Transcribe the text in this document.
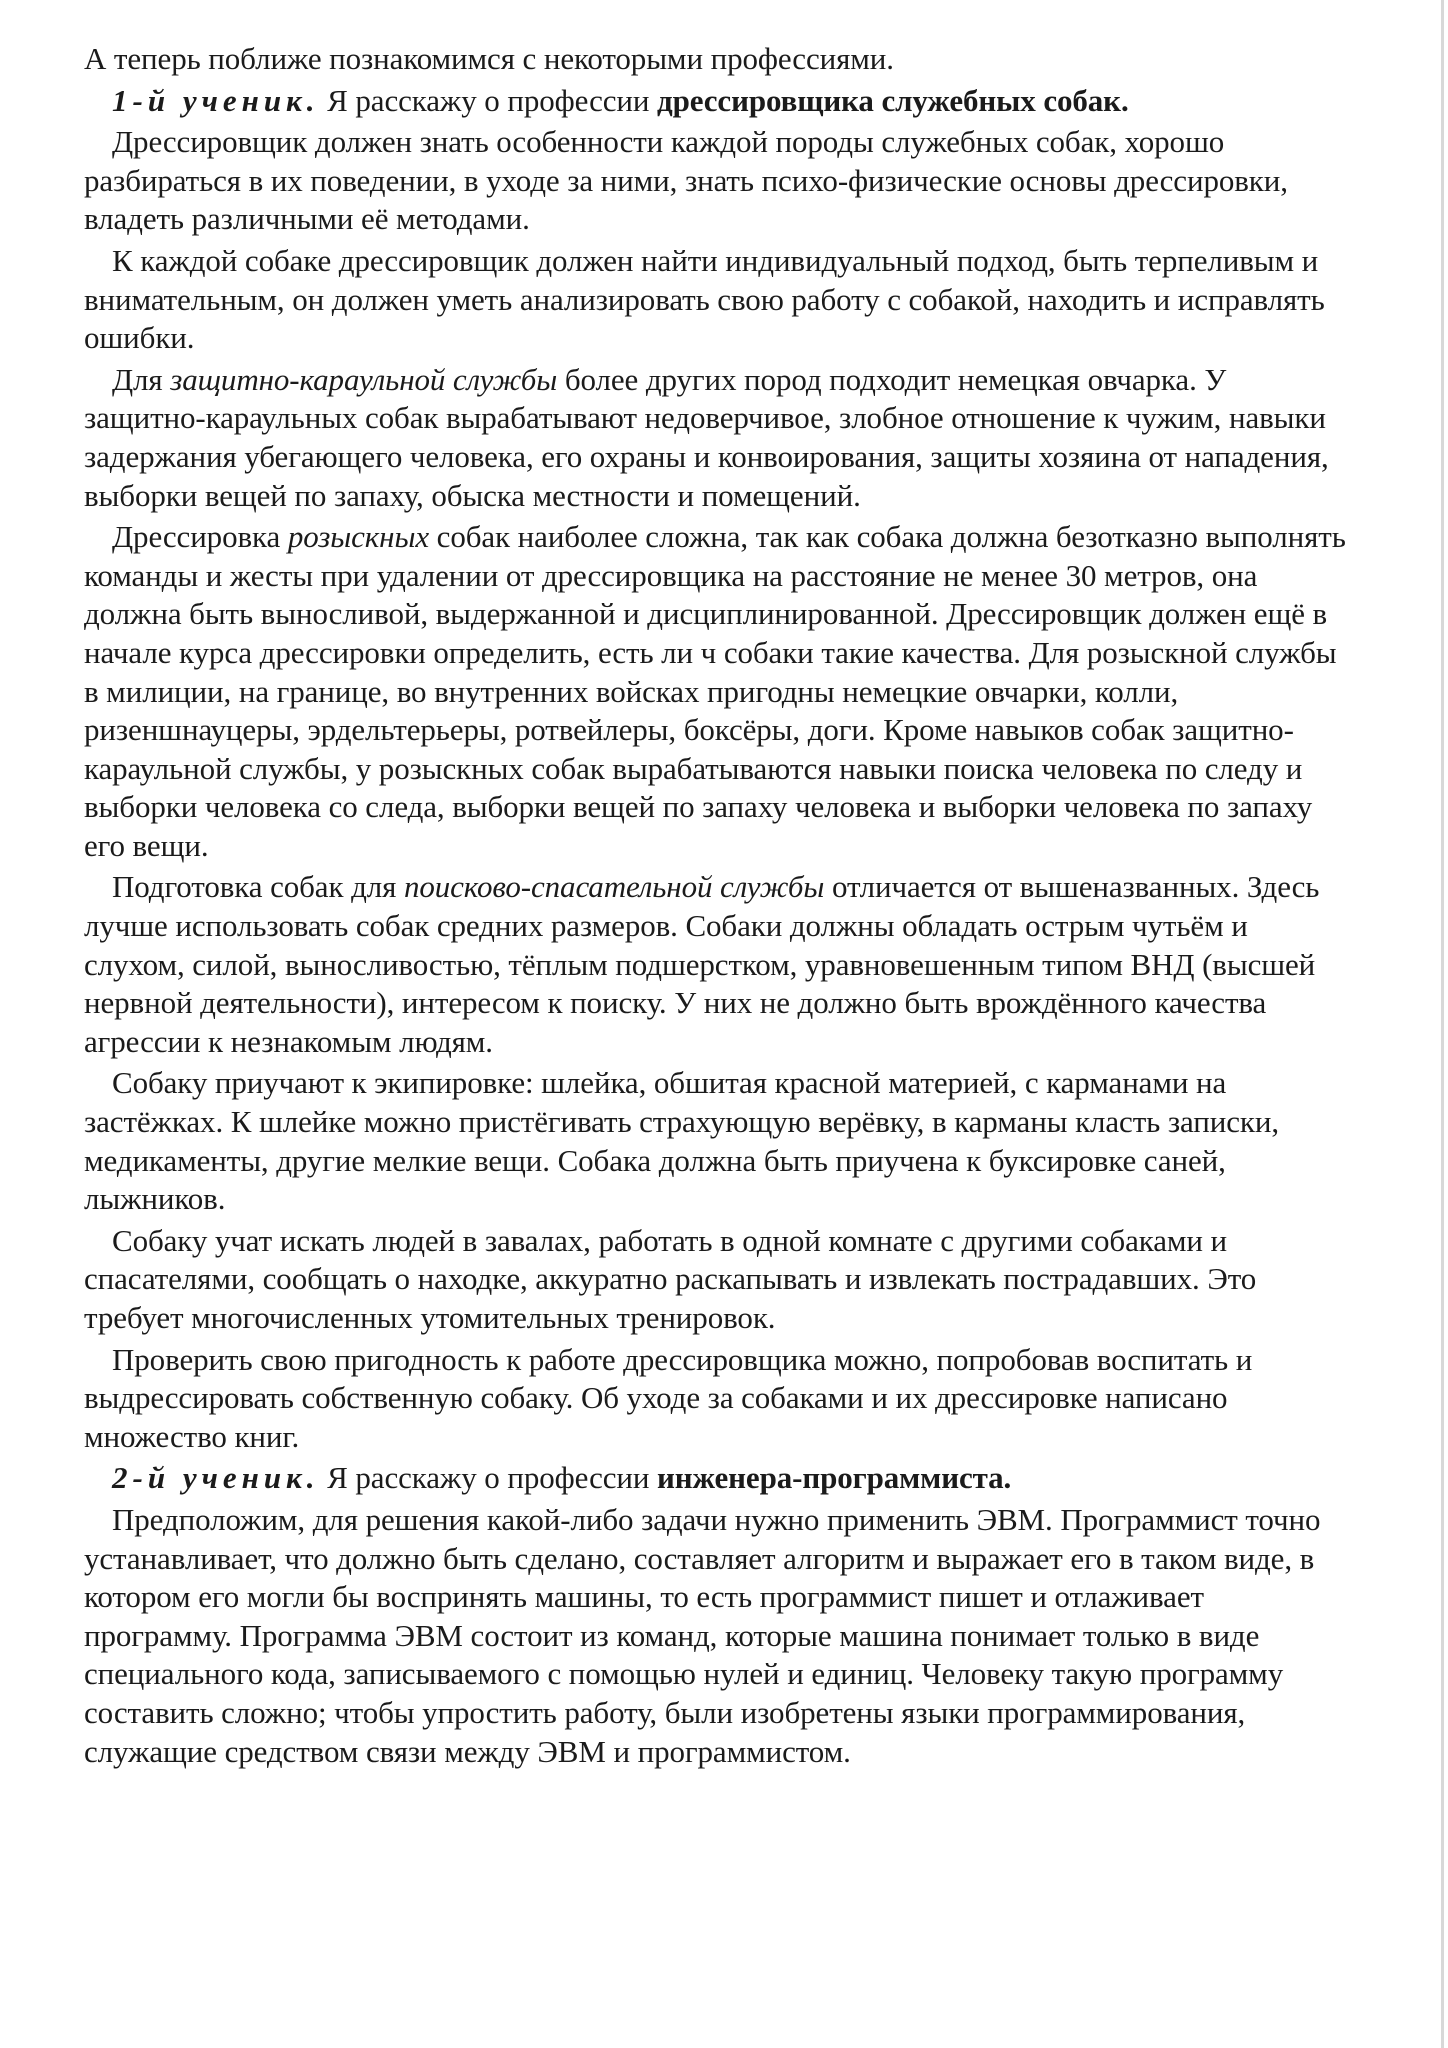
А теперь поближе познакомимся с некоторыми профессиями.

1-й ученик. Я расскажу о профессии дрессировщика служебных собак.

Дрессировщик должен знать особенности каждой породы служебных собак, хорошо разбираться в их поведении, в уходе за ними, знать психо-физические основы дрессировки, владеть различными её методами.

К каждой собаке дрессировщик должен найти индивидуальный подход, быть терпеливым и внимательным, он должен уметь анализировать свою работу с собакой, находить и исправлять ошибки.

Для защитно-караульной службы более других пород подходит немецкая овчарка. У защитно-караульных собак вырабатывают недоверчивое, злобное отношение к чужим, навыки задержания убегающего человека, его охраны и конвоирования, защиты хозяина от нападения, выборки вещей по запаху, обыска местности и помещений.

Дрессировка розыскных собак наиболее сложна, так как собака должна безотказно выполнять команды и жесты при удалении от дрессировщика на расстояние не менее 30 метров, она должна быть выносливой, выдержанной и дисциплинированной. Дрессировщик должен ещё в начале курса дрессировки определить, есть ли ч собаки такие качества. Для розыскной службы в милиции, на границе, во внутренних войсках пригодны немецкие овчарки, колли, ризеншнауцеры, эрдельтерьеры, ротвейлеры, боксёры, доги. Кроме навыков собак защитно-караульной службы, у розыскных собак вырабатываются навыки поиска человека по следу и выборки человека со следа, выборки вещей по запаху человека и выборки человека по запаху его вещи.

Подготовка собак для поисково-спасательной службы отличается от вышеназванных. Здесь лучше использовать собак средних размеров. Собаки должны обладать острым чутьём и слухом, силой, выносливостью, тёплым подшерстком, уравновешенным типом ВНД (высшей нервной деятельности), интересом к поиску. У них не должно быть врождённого качества агрессии к незнакомым людям.

Собаку приучают к экипировке: шлейка, обшитая красной материей, с карманами на застёжках. К шлейке можно пристёгивать страхующую верёвку, в карманы класть записки, медикаменты, другие мелкие вещи. Собака должна быть приучена к буксировке саней, лыжников.

Собаку учат искать людей в завалах, работать в одной комнате с другими собаками и спасателями, сообщать о находке, аккуратно раскапывать и извлекать пострадавших. Это требует многочисленных утомительных тренировок.

Проверить свою пригодность к работе дрессировщика можно, попробовав воспитать и выдрессировать собственную собаку. Об уходе за собаками и их дрессировке написано множество книг.

2-й ученик. Я расскажу о профессии инженера-программиста.

Предположим, для решения какой-либо задачи нужно применить ЭВМ. Программист точно устанавливает, что должно быть сделано, составляет алгоритм и выражает его в таком виде, в котором его могли бы воспринять машины, то есть программист пишет и отлаживает программу. Программа ЭВМ состоит из команд, которые машина понимает только в виде специального кода, записываемого с помощью нулей и единиц. Человеку такую программу составить сложно; чтобы упростить работу, были изобретены языки программирования, служащие средством связи между ЭВМ и программистом.
